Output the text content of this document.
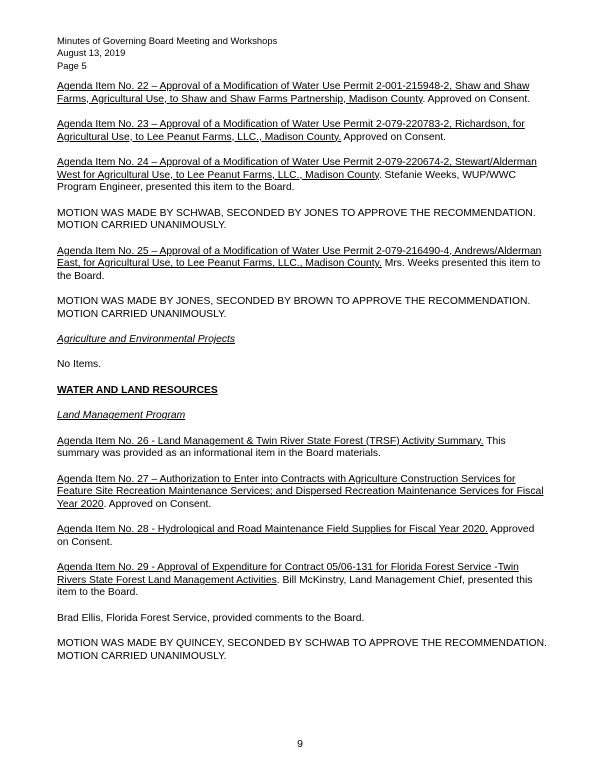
Minutes of Governing Board Meeting and Workshops
August 13, 2019
Page 5

Agenda Item No. 22 – Approval of a Modification of Water Use Permit 2-001-215948-2, Shaw and Shaw Farms, Agricultural Use, to Shaw and Shaw Farms Partnership, Madison County. Approved on Consent.

Agenda Item No. 23 – Approval of a Modification of Water Use Permit 2-079-220783-2, Richardson, for Agricultural Use, to Lee Peanut Farms, LLC., Madison County. Approved on Consent.

Agenda Item No. 24 – Approval of a Modification of Water Use Permit 2-079-220674-2, Stewart/Alderman West for Agricultural Use, to Lee Peanut Farms, LLC., Madison County. Stefanie Weeks, WUP/WWC Program Engineer, presented this item to the Board.

MOTION WAS MADE BY SCHWAB, SECONDED BY JONES TO APPROVE THE RECOMMENDATION. MOTION CARRIED UNANIMOUSLY.

Agenda Item No. 25 – Approval of a Modification of Water Use Permit 2-079-216490-4, Andrews/Alderman East, for Agricultural Use, to Lee Peanut Farms, LLC., Madison County. Mrs. Weeks presented this item to the Board.

MOTION WAS MADE BY JONES, SECONDED BY BROWN TO APPROVE THE RECOMMENDATION. MOTION CARRIED UNANIMOUSLY.

Agriculture and Environmental Projects

No Items.

WATER AND LAND RESOURCES

Land Management Program

Agenda Item No. 26 - Land Management & Twin River State Forest (TRSF) Activity Summary. This summary was provided as an informational item in the Board materials.

Agenda Item No. 27 – Authorization to Enter into Contracts with Agriculture Construction Services for Feature Site Recreation Maintenance Services; and Dispersed Recreation Maintenance Services for Fiscal Year 2020. Approved on Consent.

Agenda Item No. 28 - Hydrological and Road Maintenance Field Supplies for Fiscal Year 2020. Approved on Consent.

Agenda Item No. 29 - Approval of Expenditure for Contract 05/06-131 for Florida Forest Service -Twin Rivers State Forest Land Management Activities. Bill McKinstry, Land Management Chief, presented this item to the Board.

Brad Ellis, Florida Forest Service, provided comments to the Board.

MOTION WAS MADE BY QUINCEY, SECONDED BY SCHWAB TO APPROVE THE RECOMMENDATION. MOTION CARRIED UNANIMOUSLY.

9
